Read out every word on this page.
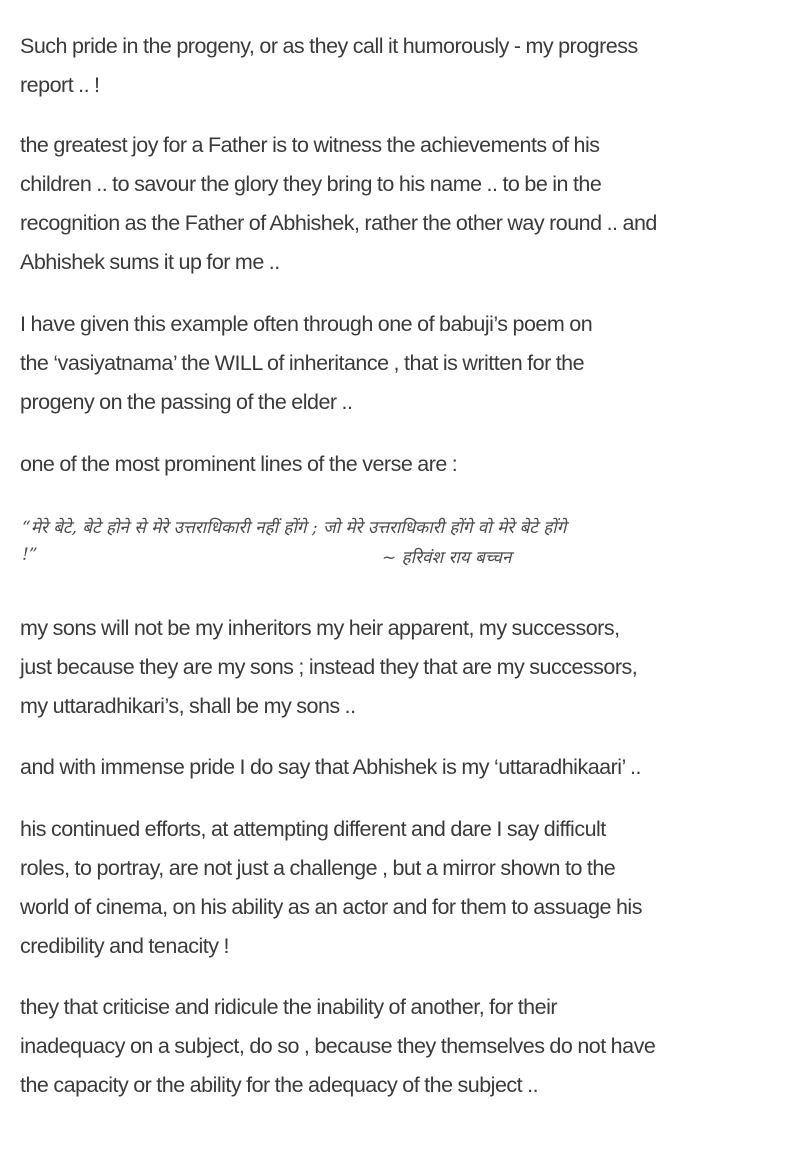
Such pride in the progeny, or as they call it humorously - my progress
report .. !

the greatest joy for a Father is to witness the achievements of his
children .. to savour the glory they bring to his name .. to be in the
recognition as the Father of Abhishek, rather the other way round .. and
Abhishek sums it up for me ..

I have given this example often through one of babuji’s poem on
the ‘vasiyatnama’ the WILL of inheritance , that is written for the
progeny on the passing of the elder ..

one of the most prominent lines of the verse are :

“मेरे बेटे, बेटे होने से मेरे उत्तराधिकारी नहीं होंगे ; जो मेरे उत्तराधिकारी होंगे वो मेरे बेटे होंगे
!”	~ हरिवंश राय बच्चन

my sons will not be my inheritors my heir apparent, my successors,
just because they are my sons ; instead they that are my successors,
my uttaradhikari’s, shall be my sons ..

and with immense pride I do say that Abhishek is my ‘uttaradhikaari’ ..

his continued efforts, at attempting different and dare I say difficult
roles, to portray, are not just a challenge , but a mirror shown to the
world of cinema, on his ability as an actor and for them to assuage his
credibility and tenacity !

they that criticise and ridicule the inability of another, for their
inadequacy on a subject, do so , because they themselves do not have
the capacity or the ability for the adequacy of the subject ..
